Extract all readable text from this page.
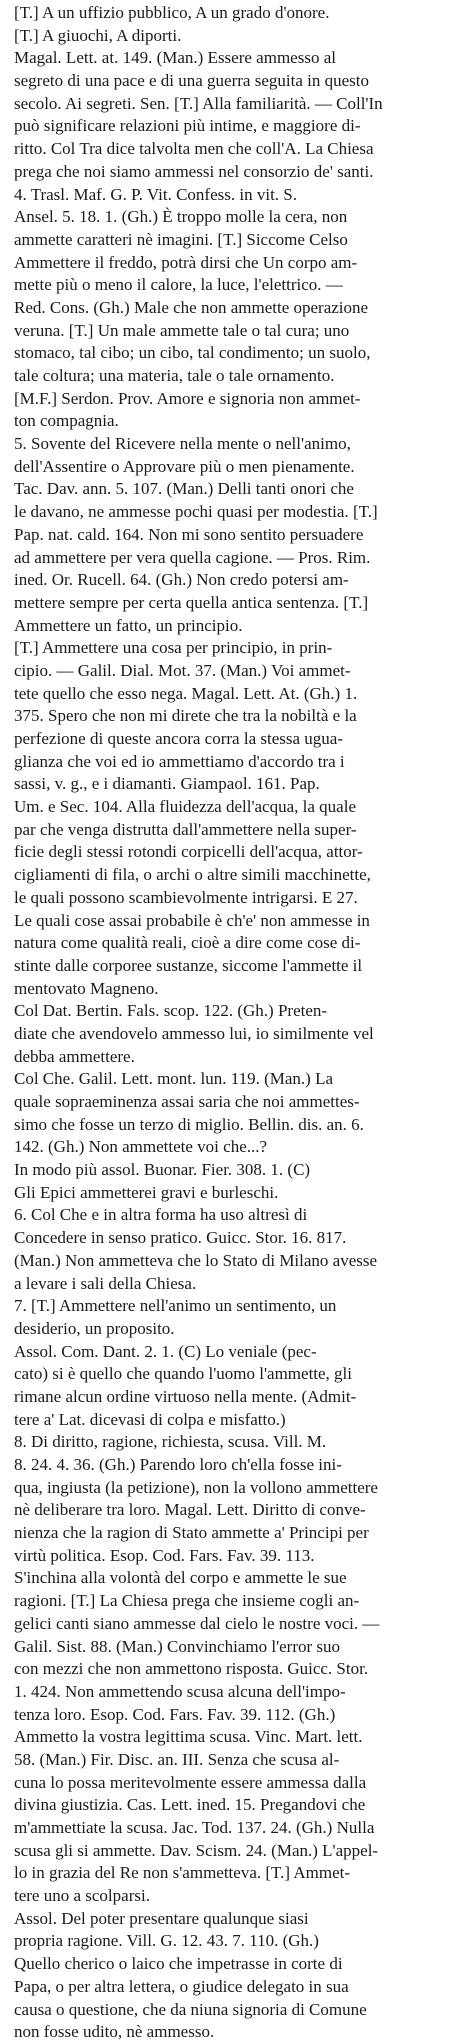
[T.] A un uffizio pubblico, A un grado d'onore.
[T.] A giuochi, A diporti.
Magal. Lett. at. 149. (Man.) Essere ammesso al
segreto di una pace e di una guerra seguita in questo
secolo. Ai segreti. Sen. [T.] Alla familiarità. — Coll'In
può significare relazioni più intime, e maggiore di-
ritto. Col Tra dice talvolta men che coll'A. La Chiesa
prega che noi siamo ammessi nel consorzio de' santi.
4. Trasl. Maf. G. P. Vit. Confess. in vit. S.
Ansel. 5. 18. 1. (Gh.) È troppo molle la cera, non
ammette caratteri nè imagini. [T.] Siccome Celso
Ammettere il freddo, potrà dirsi che Un corpo am-
mette più o meno il calore, la luce, l'elettrico. —
Red. Cons. (Gh.) Male che non ammette operazione
veruna. [T.] Un male ammette tale o tal cura; uno
stomaco, tal cibo; un cibo, tal condimento; un suolo,
tale coltura; una materia, tale o tale ornamento.
[M.F.] Serdon. Prov. Amore e signoria non ammet-
ton compagnia.
5. Sovente del Ricevere nella mente o nell'animo,
dell'Assentire o Approvare più o men pienamente.
Tac. Dav. ann. 5. 107. (Man.) Delli tanti onori che
le davano, ne ammesse pochi quasi per modestia. [T.]
Pap. nat. cald. 164. Non mi sono sentito persuadere
ad ammettere per vera quella cagione. — Pros. Rim.
ined. Or. Rucell. 64. (Gh.) Non credo potersi am-
mettere sempre per certa quella antica sentenza. [T.]
Ammettere un fatto, un principio.
[T.] Ammettere una cosa per principio, in prin-
cipio. — Galil. Dial. Mot. 37. (Man.) Voi ammet-
tete quello che esso nega. Magal. Lett. At. (Gh.) 1.
375. Spero che non mi direte che tra la nobiltà e la
perfezione di queste ancora corra la stessa ugua-
glianza che voi ed io ammettiamo d'accordo tra i
sassi, v. g., e i diamanti. Giampaol. 161. Pap.
Um. e Sec. 104. Alla fluidezza dell'acqua, la quale
par che venga distrutta dall'ammettere nella super-
ficie degli stessi rotondi corpicelli dell'acqua, attor-
cigliamenti di fila, o archi o altre simili macchinette,
le quali possono scambievolmente intrigarsi. E 27.
Le quali cose assai probabile è ch'e' non ammesse in
natura come qualità reali, cioè a dire come cose di-
stinte dalle corporee sustanze, siccome l'ammette il
mentovato Magneno.
Col Dat. Bertin. Fals. scop. 122. (Gh.) Preten-
diate che avendovelo ammesso lui, io similmente vel
debba ammettere.
Col Che. Galil. Lett. mont. lun. 119. (Man.) La
quale sopraeminenza assai saria che noi ammettes-
simo che fosse un terzo di miglio. Bellin. dis. an. 6.
142. (Gh.) Non ammettete voi che...?
In modo più assol. Buonar. Fier. 308. 1. (C)
Gli Epici ammetterei gravi e burleschi.
6. Col Che e in altra forma ha uso altresì di
Concedere in senso pratico. Guicc. Stor. 16. 817.
(Man.) Non ammetteva che lo Stato di Milano avesse
a levare i sali della Chiesa.
7. [T.] Ammettere nell'animo un sentimento, un
desiderio, un proposito.
Assol. Com. Dant. 2. 1. (C) Lo veniale (pec-
cato) si è quello che quando l'uomo l'ammette, gli
rimane alcun ordine virtuoso nella mente. (Admit-
tere a' Lat. dicevasi di colpa e misfatto.)
8. Di diritto, ragione, richiesta, scusa. Vill. M.
8. 24. 4. 36. (Gh.) Parendo loro ch'ella fosse ini-
qua, ingiusta (la petizione), non la vollono ammettere
nè deliberare tra loro. Magal. Lett. Diritto di conve-
nienza che la ragion di Stato ammette a' Principi per
virtù politica. Esop. Cod. Fars. Fav. 39. 113.
S'inchina alla volontà del corpo e ammette le sue
ragioni. [T.] La Chiesa prega che insieme cogli an-
gelici canti siano ammesse dal cielo le nostre voci. —
Galil. Sist. 88. (Man.) Convinchiamo l'error suo
con mezzi che non ammettono risposta. Guicc. Stor.
1. 424. Non ammettendo scusa alcuna dell'impo-
tenza loro. Esop. Cod. Fars. Fav. 39. 112. (Gh.)
Ammetto la vostra legittima scusa. Vinc. Mart. lett.
58. (Man.) Fir. Disc. an. III. Senza che scusa al-
cuna lo possa meritevolmente essere ammessa dalla
divina giustizia. Cas. Lett. ined. 15. Pregandovi che
m'ammettiate la scusa. Jac. Tod. 137. 24. (Gh.) Nulla
scusa gli si ammette. Dav. Scism. 24. (Man.) L'appel-
lo in grazia del Re non s'ammetteva. [T.] Ammet-
tere uno a scolparsi.
Assol. Del poter presentare qualunque siasi
propria ragione. Vill. G. 12. 43. 7. 110. (Gh.)
Quello cherico o laico che impetrasse in corte di
Papa, o per altra lettera, o giudice delegato in sua
causa o questione, che da niuna signoria di Comune
non fosse udito, nè ammesso.
